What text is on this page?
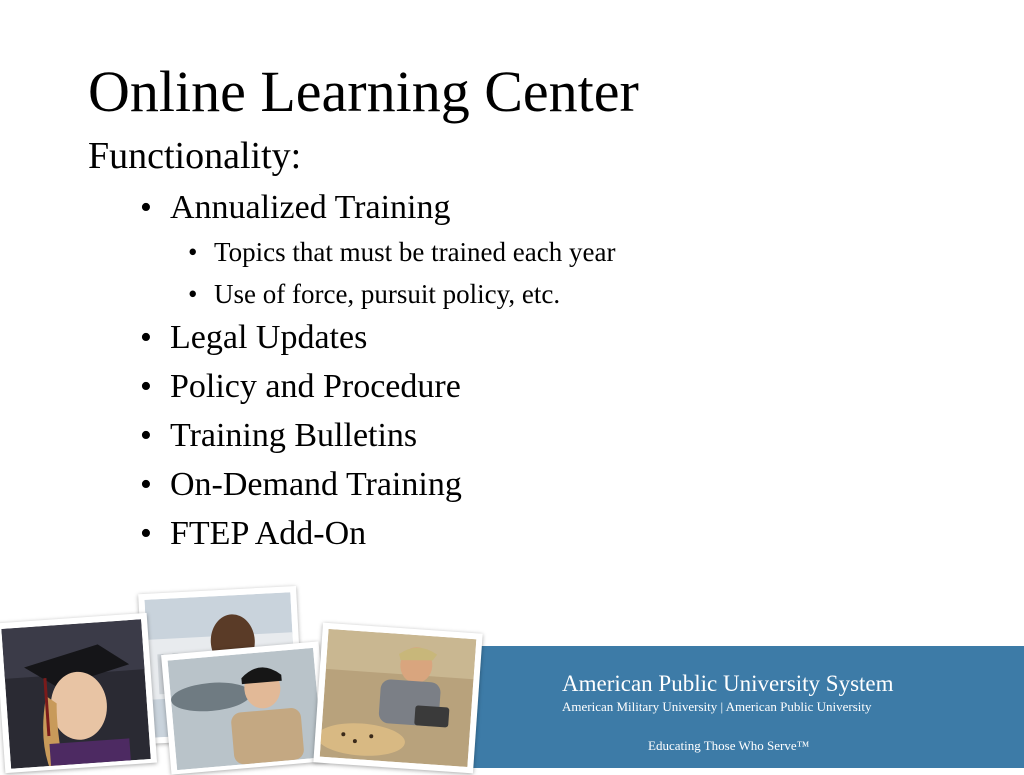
Online Learning Center
Functionality:
• Annualized Training
• Topics that must be trained each year
• Use of force, pursuit policy, etc.
• Legal Updates
• Policy and Procedure
• Training Bulletins
• On-Demand Training
• FTEP Add-On
American Public University System
American Military University | American Public University
Educating Those Who Serve™
